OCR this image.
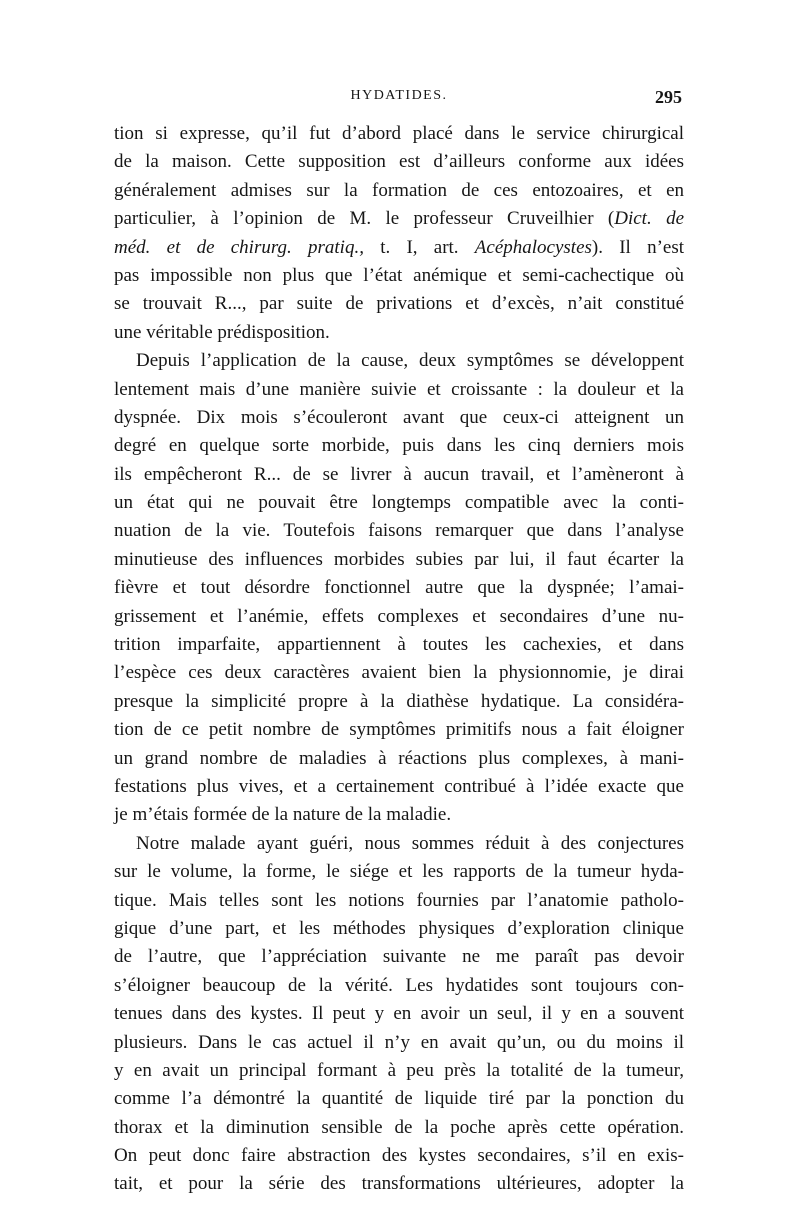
HYDATIDES.	295
tion si expresse, qu’il fut d’abord placé dans le service chirurgical
de la maison. Cette supposition est d’ailleurs conforme aux idées
généralement admises sur la formation de ces entozoaires, et en
particulier, à l’opinion de M. le professeur Cruveilhier (Dict. de
méd. et de chirurg. pratiq., t. I, art. Acéphalocystes). Il n’est
pas impossible non plus que l’état anémique et semi-cachectique où
se trouvait R..., par suite de privations et d’excès, n’ait constitué
une véritable prédisposition.
Depuis l’application de la cause, deux symptômes se développent
lentement mais d’une manière suivie et croissante : la douleur et la
dyspnée. Dix mois s’écouleront avant que ceux-ci atteignent un
degré en quelque sorte morbide, puis dans les cinq derniers mois
ils empêcheront R... de se livrer à aucun travail, et l’amèneront à
un état qui ne pouvait être longtemps compatible avec la conti-
nuation de la vie. Toutefois faisons remarquer que dans l’analyse
minutieuse des influences morbides subies par lui, il faut écarter la
fièvre et tout désordre fonctionnel autre que la dyspnée; l’amai-
grissement et l’anémie, effets complexes et secondaires d’une nu-
trition imparfaite, appartiennent à toutes les cachexies, et dans
l’espèce ces deux caractères avaient bien la physionnomie, je dirai
presque la simplicité propre à la diathèse hydatique. La considéra-
tion de ce petit nombre de symptômes primitifs nous a fait éloigner
un grand nombre de maladies à réactions plus complexes, à mani-
festations plus vives, et a certainement contribué à l’idée exacte que
je m’étais formée de la nature de la maladie.
Notre malade ayant guéri, nous sommes réduit à des conjectures
sur le volume, la forme, le siége et les rapports de la tumeur hyda-
tique. Mais telles sont les notions fournies par l’anatomie patholo-
gique d’une part, et les méthodes physiques d’exploration clinique
de l’autre, que l’appréciation suivante ne me paraît pas devoir
s’éloigner beaucoup de la vérité. Les hydatides sont toujours con-
tenues dans des kystes. Il peut y en avoir un seul, il y en a souvent
plusieurs. Dans le cas actuel il n’y en avait qu’un, ou du moins il
y en avait un principal formant à peu près la totalité de la tumeur,
comme l’a démontré la quantité de liquide tiré par la ponction du
thorax et la diminution sensible de la poche après cette opération.
On peut donc faire abstraction des kystes secondaires, s’il en exis-
tait, et pour la série des transformations ultérieures, adopter la
